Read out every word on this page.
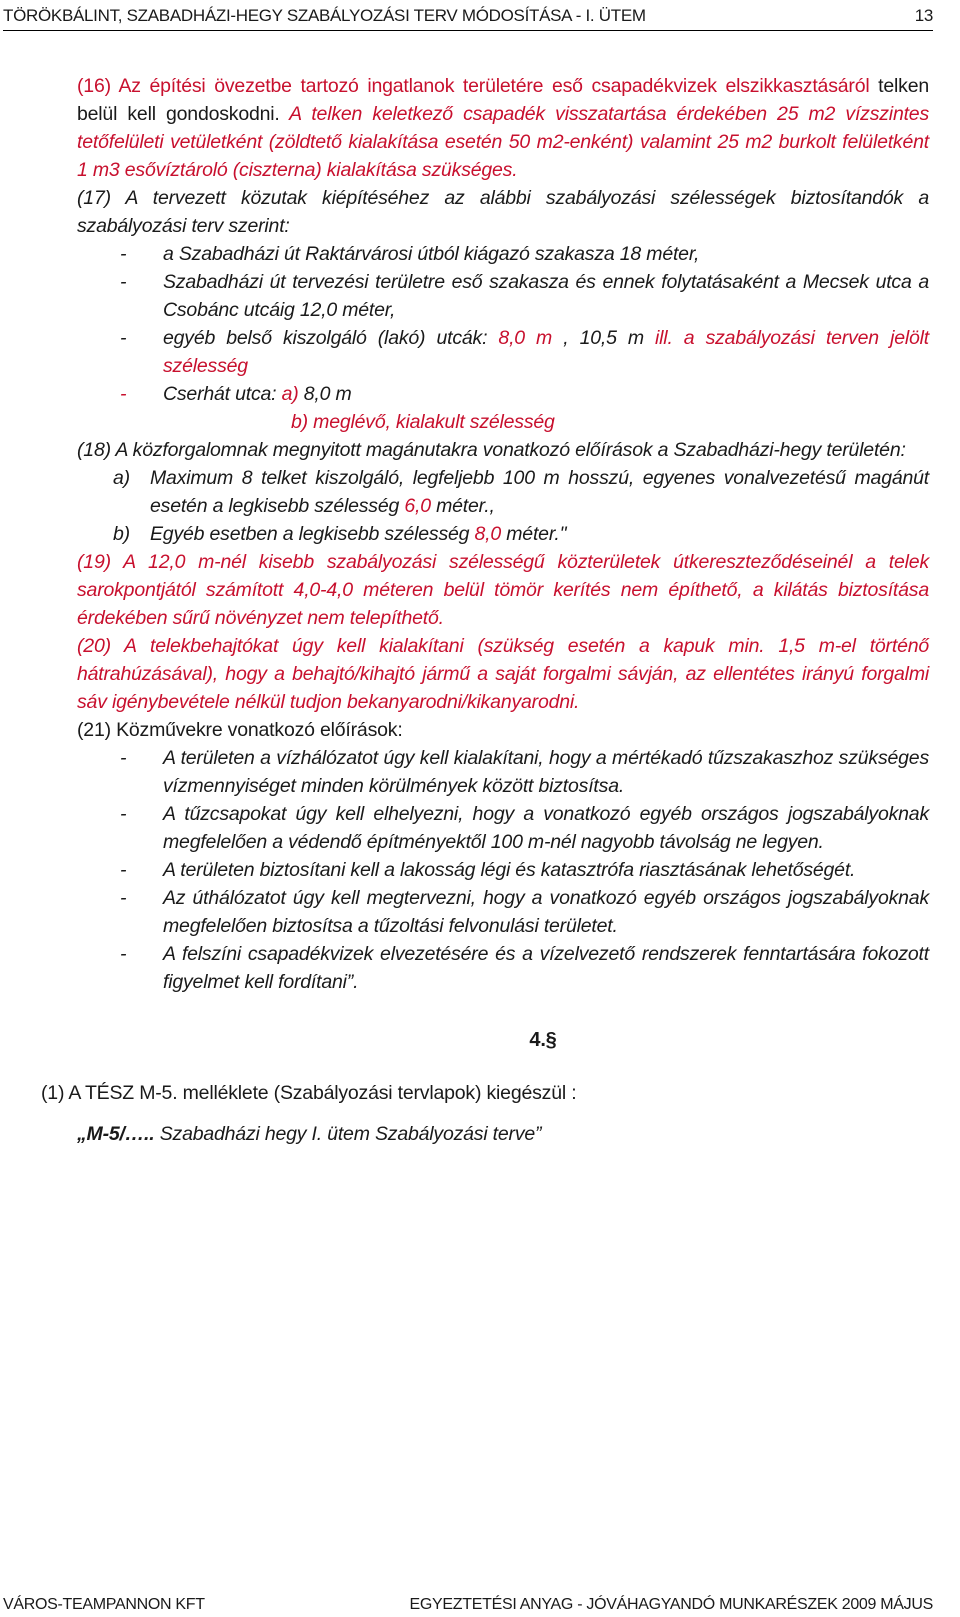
TÖRÖKBÁLINT, SZABADHÁZI-HEGY SZABÁLYOZÁSI TERV MÓDOSÍTÁSA - I. ÜTEM	13
(16) Az építési övezetbe tartozó ingatlanok területére eső csapadékvizek elszikkasztásáról telken belül kell gondoskodni. A telken keletkező csapadék visszatartása érdekében 25 m2 vízszintes tetőfelületi vetületként (zöldtető kialakítása esetén 50 m2-enként) valamint 25 m2 burkolt felületként 1 m3 esővíztároló (ciszterna) kialakítása szükséges.
(17) A tervezett közutak kiépítéséhez az alábbi szabályozási szélességek biztosítandók a szabályozási terv szerint:
- a Szabadházi út Raktárvárosi útból kiágazó szakasza 18 méter,
- Szabadházi út tervezési területre eső szakasza és ennek folytatásaként a Mecsek utca a Csobánc utcáig 12,0 méter,
- egyéb belső kiszolgáló (lakó) utcák: 8,0 m , 10,5 m ill. a szabályozási terven jelölt szélesség
- Cserhát utca: a) 8,0 m
b) meglévő, kialakult szélesség
(18) A közforgalomnak megnyitott magánutakra vonatkozó előírások a Szabadházi-hegy területén:
a) Maximum 8 telket kiszolgáló, legfeljebb 100 m hosszú, egyenes vonalvezetésű magánút esetén a legkisebb szélesség 6,0 méter.,
b) Egyéb esetben a legkisebb szélesség 8,0 méter."
(19) A 12,0 m-nél kisebb szabályozási szélességű közterületek útkereszteződéseinél a telek sarokpontjától számított 4,0-4,0 méteren belül tömör kerítés nem építhető, a kilátás biztosítása érdekében sűrű növényzet nem telepíthető.
(20) A telekbehajtókat úgy kell kialakítani (szükség esetén a kapuk min. 1,5 m-el történő hátrahúzásával), hogy a behajtó/kihajtó jármű a saját forgalmi sávján, az ellentétes irányú forgalmi sáv igénybevétele nélkül tudjon bekanyarodni/kikanyarodni.
(21) Közművekre vonatkozó előírások:
- A területen a vízhálózatot úgy kell kialakítani, hogy a mértékadó tűzszakaszhoz szükséges vízmennyiséget minden körülmények között biztosítsa.
- A tűzcsapokat úgy kell elhelyezni, hogy a vonatkozó egyéb országos jogszabályoknak megfelelően a védendő építményektől 100 m-nél nagyobb távolság ne legyen.
- A területen biztosítani kell a lakosság légi és katasztrófa riasztásának lehetőségét.
- Az úthálózatot úgy kell megtervezni, hogy a vonatkozó egyéb országos jogszabályoknak megfelelően biztosítsa a tűzoltási felvonulási területet.
- A felszíni csapadékvizek elvezetésére és a vízelvezető rendszerek fenntartására fokozott figyelmet kell fordítani”.
4.§
(1) A TÉSZ M-5. melléklete (Szabályozási tervlapok) kiegészül :
„M-5/….. Szabadházi hegy I. ütem Szabályozási terve”
VÁROS-TEAMPANNON KFT	EGYEZTETÉSI ANYAG - JÓVÁHAGYANDÓ MUNKARÉSZEK 2009 MÁJUS
